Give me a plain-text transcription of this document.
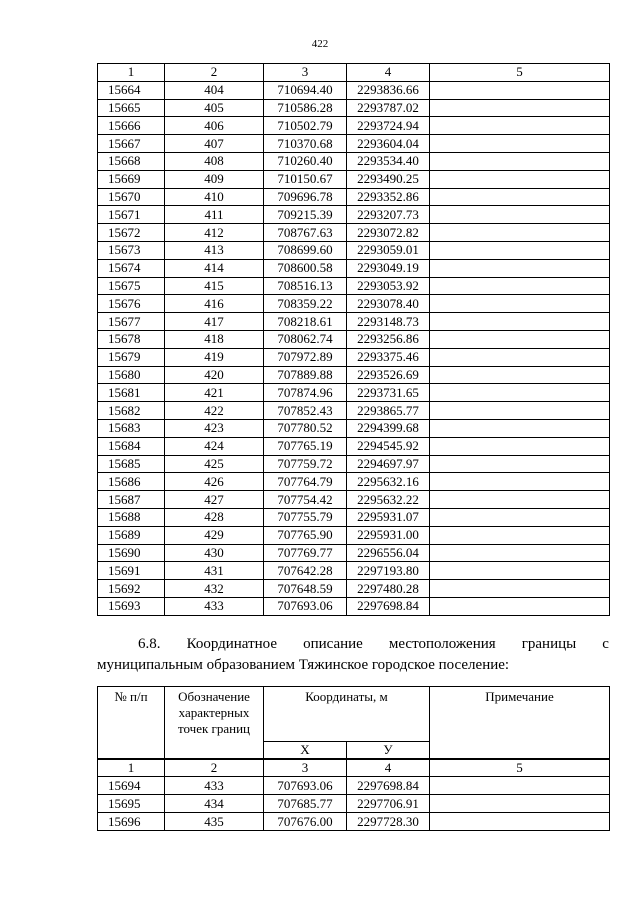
422
1	2	3	4	5
15664	404	710694.40	2293836.66	
15665	405	710586.28	2293787.02	
15666	406	710502.79	2293724.94	
15667	407	710370.68	2293604.04	
15668	408	710260.40	2293534.40	
15669	409	710150.67	2293490.25	
15670	410	709696.78	2293352.86	
15671	411	709215.39	2293207.73	
15672	412	708767.63	2293072.82	
15673	413	708699.60	2293059.01	
15674	414	708600.58	2293049.19	
15675	415	708516.13	2293053.92	
15676	416	708359.22	2293078.40	
15677	417	708218.61	2293148.73	
15678	418	708062.74	2293256.86	
15679	419	707972.89	2293375.46	
15680	420	707889.88	2293526.69	
15681	421	707874.96	2293731.65	
15682	422	707852.43	2293865.77	
15683	423	707780.52	2294399.68	
15684	424	707765.19	2294545.92	
15685	425	707759.72	2294697.97	
15686	426	707764.79	2295632.16	
15687	427	707754.42	2295632.22	
15688	428	707755.79	2295931.07	
15689	429	707765.90	2295931.00	
15690	430	707769.77	2296556.04	
15691	431	707642.28	2297193.80	
15692	432	707648.59	2297480.28	
15693	433	707693.06	2297698.84	
6.8. Координатное описание местоположения границы с
муниципальным образованием Тяжинское городское поселение:
№ п/п	Обозначение характерных точек границ	Координаты, м		Примечание
		X	У	
1	2	3	4	5
15694	433	707693.06	2297698.84	
15695	434	707685.77	2297706.91	
15696	435	707676.00	2297728.30	
